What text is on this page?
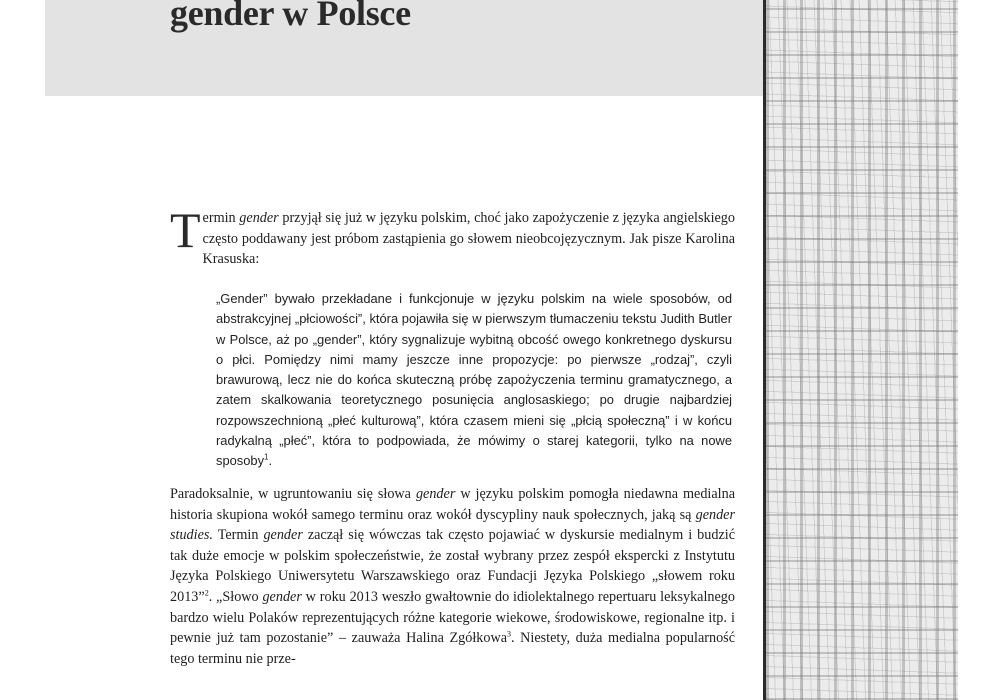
gender w Polsce

Termin gender przyjął się już w języku polskim, choć jako zapożyczenie z języka angielskiego często poddawany jest próbom zastąpienia go słowem nieobcojęzycznym. Jak pisze Karolina Krasuska:

„Gender” bywało przekładane i funkcjonuje w języku polskim na wiele sposobów, od abstrakcyjnej „płciowości”, która pojawiła się w pierwszym tłumaczeniu tekstu Judith Butler w Polsce, aż po „gender”, który sygnalizuje wybitną obcość owego konkretnego dyskursu o płci. Pomiędzy nimi mamy jeszcze inne propozycje: po pierwsze „rodzaj”, czyli brawurową, lecz nie do końca skuteczną próbę zapożyczenia terminu gramatycznego, a zatem skalkowania teoretycznego posunięcia anglosaskiego; po drugie najbardziej rozpowszechnioną „płeć kulturową”, która czasem mieni się „płcią społeczną” i w końcu radykalną „płeć”, która to podpowiada, że mówimy o starej kategorii, tylko na nowe sposoby$^1$.

Paradoksalnie, w ugruntowaniu się słowa gender w języku polskim pomogła niedawna medialna historia skupiona wokół samego terminu oraz wokół dyscypliny nauk społecznych, jaką są gender studies. Termin gender zaczął się wówczas tak często pojawiać w dyskursie medialnym i budzić tak duże emocje w polskim społeczeństwie, że został wybrany przez zespół ekspercki z Instytutu Języka Polskiego Uniwersytetu Warszawskiego oraz Fundacji Języka Polskiego „słowem roku 2013”$^2$. „Słowo gender w roku 2013 weszło gwałtownie do idiolektalnego repertuaru leksykalnego bardzo wielu Polaków reprezentujących różne kategorie wiekowe, środowiskowe, regionalne itp. i pewnie już tam pozostanie” – zauważa Halina Zgółkowa$^3$. Niestety, duża medialna popularność tego terminu nie prze-
